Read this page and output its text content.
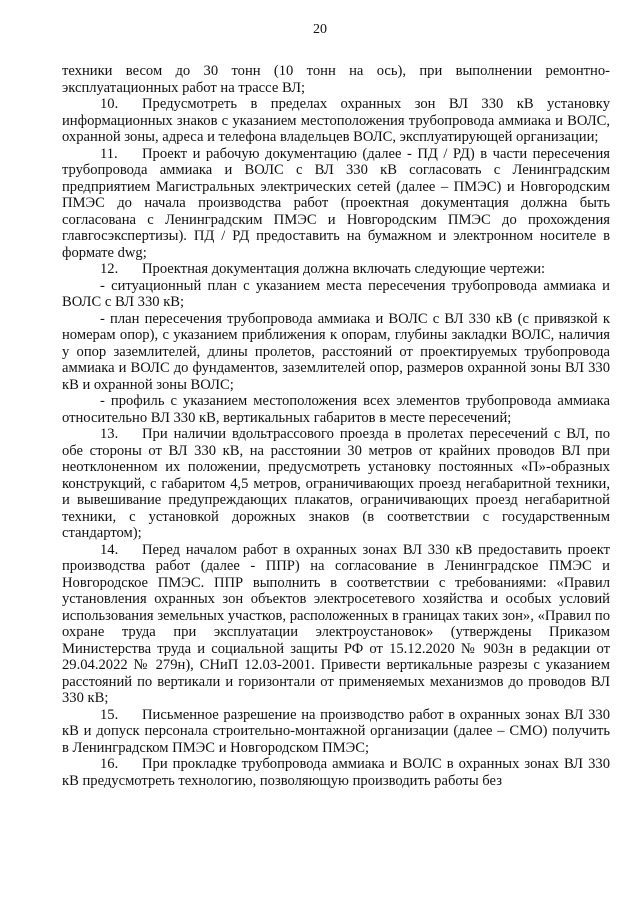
20

техники весом до 30 тонн (10 тонн на ось), при выполнении ремонтно-эксплуатационных работ на трассе ВЛ;

10. Предусмотреть в пределах охранных зон ВЛ 330 кВ установку информационных знаков с указанием местоположения трубопровода аммиака и ВОЛС, охранной зоны, адреса и телефона владельцев ВОЛС, эксплуатирующей организации;

11. Проект и рабочую документацию (далее - ПД / РД) в части пересечения трубопровода аммиака и ВОЛС с ВЛ 330 кВ согласовать с Ленинградским предприятием Магистральных электрических сетей (далее – ПМЭС) и Новгородским ПМЭС до начала производства работ (проектная документация должна быть согласована с Ленинградским ПМЭС и Новгородским ПМЭС до прохождения главгосэкспертизы). ПД / РД предоставить на бумажном и электронном носителе в формате dwg;

12. Проектная документация должна включать следующие чертежи:

- ситуационный план с указанием места пересечения трубопровода аммиака и ВОЛС с ВЛ 330 кВ;

- план пересечения трубопровода аммиака и ВОЛС с ВЛ 330 кВ (с привязкой к номерам опор), с указанием приближения к опорам, глубины закладки ВОЛС, наличия у опор заземлителей, длины пролетов, расстояний от проектируемых трубопровода аммиака и ВОЛС до фундаментов, заземлителей опор, размеров охранной зоны ВЛ 330 кВ и охранной зоны ВОЛС;

- профиль с указанием местоположения всех элементов трубопровода аммиака относительно ВЛ 330 кВ, вертикальных габаритов в месте пересечений;

13. При наличии вдольтрассового проезда в пролетах пересечений с ВЛ, по обе стороны от ВЛ 330 кВ, на расстоянии 30 метров от крайних проводов ВЛ при неотклоненном их положении, предусмотреть установку постоянных «П»-образных конструкций, с габаритом 4,5 метров, ограничивающих проезд негабаритной техники, и вывешивание предупреждающих плакатов, ограничивающих проезд негабаритной техники, с установкой дорожных знаков (в соответствии с государственным стандартом);

14. Перед началом работ в охранных зонах ВЛ 330 кВ предоставить проект производства работ (далее - ППР) на согласование в Ленинградское ПМЭС и Новгородское ПМЭС. ППР выполнить в соответствии с требованиями: «Правил установления охранных зон объектов электросетевого хозяйства и особых условий использования земельных участков, расположенных в границах таких зон», «Правил по охране труда при эксплуатации электроустановок» (утверждены Приказом Министерства труда и социальной защиты РФ от 15.12.2020 № 903н в редакции от 29.04.2022 № 279н), СНиП 12.03-2001. Привести вертикальные разрезы с указанием расстояний по вертикали и горизонтали от применяемых механизмов до проводов ВЛ 330 кВ;

15. Письменное разрешение на производство работ в охранных зонах ВЛ 330 кВ и допуск персонала строительно-монтажной организации (далее – СМО) получить в Ленинградском ПМЭС и Новгородском ПМЭС;

16. При прокладке трубопровода аммиака и ВОЛС в охранных зонах ВЛ 330 кВ предусмотреть технологию, позволяющую производить работы без
